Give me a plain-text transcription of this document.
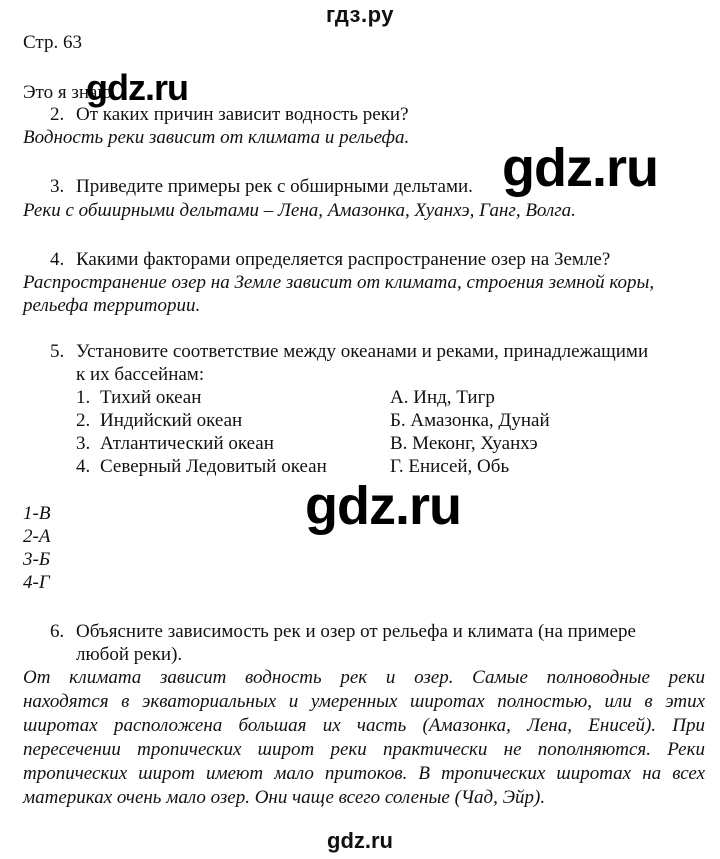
гдз.ру
Стр. 63
Это я знаю
gdz.ru
2. От каких причин зависит водность реки?
Водность реки зависит от климата и рельефа.
3. Приведите примеры рек с обширными дельтами. gdz.ru
Реки с обширными дельтами – Лена, Амазонка, Хуанхэ, Ганг, Волга.
4. Какими факторами определяется распространение озер на Земле?
Распространение озер на Земле зависит от климата, строения земной коры,
рельефа территории.
5. Установите соответствие между океанами и реками, принадлежащими
к их бассейнам:
1. Тихий океан
2. Индийский океан
3. Атлантический океан
4. Северный Ледовитый океан
А. Инд, Тигр
Б. Амазонка, Дунай
В. Меконг, Хуанхэ
Г. Енисей, Обь
gdz.ru
1-В
2-А
3-Б
4-Г
6. Объясните зависимость рек и озер от рельефа и климата (на примере
любой реки).
От климата зависит водность рек и озер. Самые полноводные реки
находятся в экваториальных и умеренных широтах полностью, или в этих
широтах расположена большая их часть (Амазонка, Лена, Енисей). При
пересечении тропических широт реки практически не пополняются. Реки
тропических широт имеют мало притоков. В тропических широтах на всех
материках очень мало озер. Они чаще всего соленые (Чад, Эйр).
gdz.ru
